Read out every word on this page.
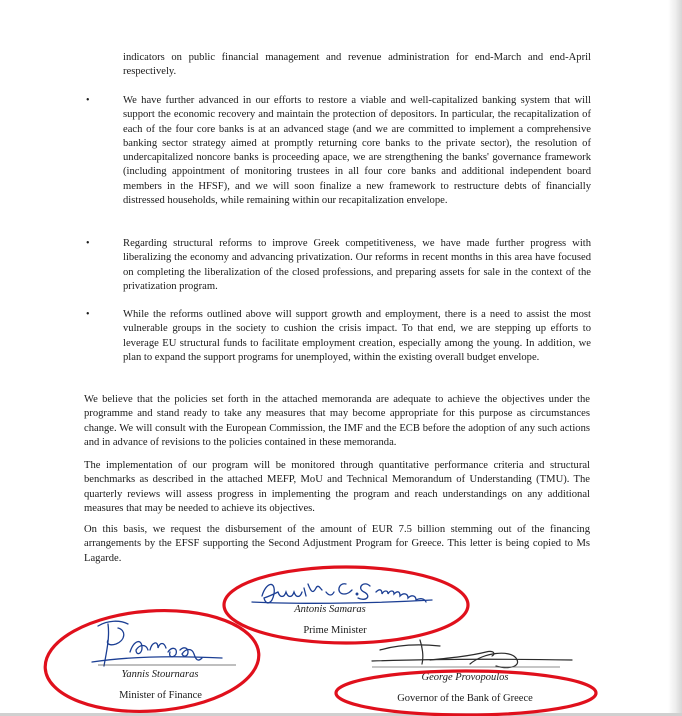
indicators on public financial management and revenue administration for end-March and end-April respectively.
•	We have further advanced in our efforts to restore a viable and well-capitalized banking system that will support the economic recovery and maintain the protection of depositors. In particular, the recapitalization of each of the four core banks is at an advanced stage (and we are committed to implement a comprehensive banking sector strategy aimed at promptly returning core banks to the private sector), the resolution of undercapitalized noncore banks is proceeding apace, we are strengthening the banks' governance framework (including appointment of monitoring trustees in all four core banks and additional independent board members in the HFSF), and we will soon finalize a new framework to restructure debts of financially distressed households, while remaining within our recapitalization envelope.
•	Regarding structural reforms to improve Greek competitiveness, we have made further progress with liberalizing the economy and advancing privatization. Our reforms in recent months in this area have focused on completing the liberalization of the closed professions, and preparing assets for sale in the context of the privatization program.
•	While the reforms outlined above will support growth and employment, there is a need to assist the most vulnerable groups in the society to cushion the crisis impact. To that end, we are stepping up efforts to leverage EU structural funds to facilitate employment creation, especially among the young. In addition, we plan to expand the support programs for unemployed, within the existing overall budget envelope.
We believe that the policies set forth in the attached memoranda are adequate to achieve the objectives under the programme and stand ready to take any measures that may become appropriate for this purpose as circumstances change. We will consult with the European Commission, the IMF and the ECB before the adoption of any such actions and in advance of revisions to the policies contained in these memoranda.
The implementation of our program will be monitored through quantitative performance criteria and structural benchmarks as described in the attached MEFP, MoU and Technical Memorandum of Understanding (TMU). The quarterly reviews will assess progress in implementing the program and reach understandings on any additional measures that may be needed to achieve its objectives.
On this basis, we request the disbursement of the amount of EUR 7.5 billion stemming out of the financing arrangements by the EFSF supporting the Second Adjustment Program for Greece. This letter is being copied to Ms Lagarde.
Antonis Samaras
Prime Minister
Yannis Stournaras
Minister of Finance
George Provopoulos
Governor of the Bank of Greece
